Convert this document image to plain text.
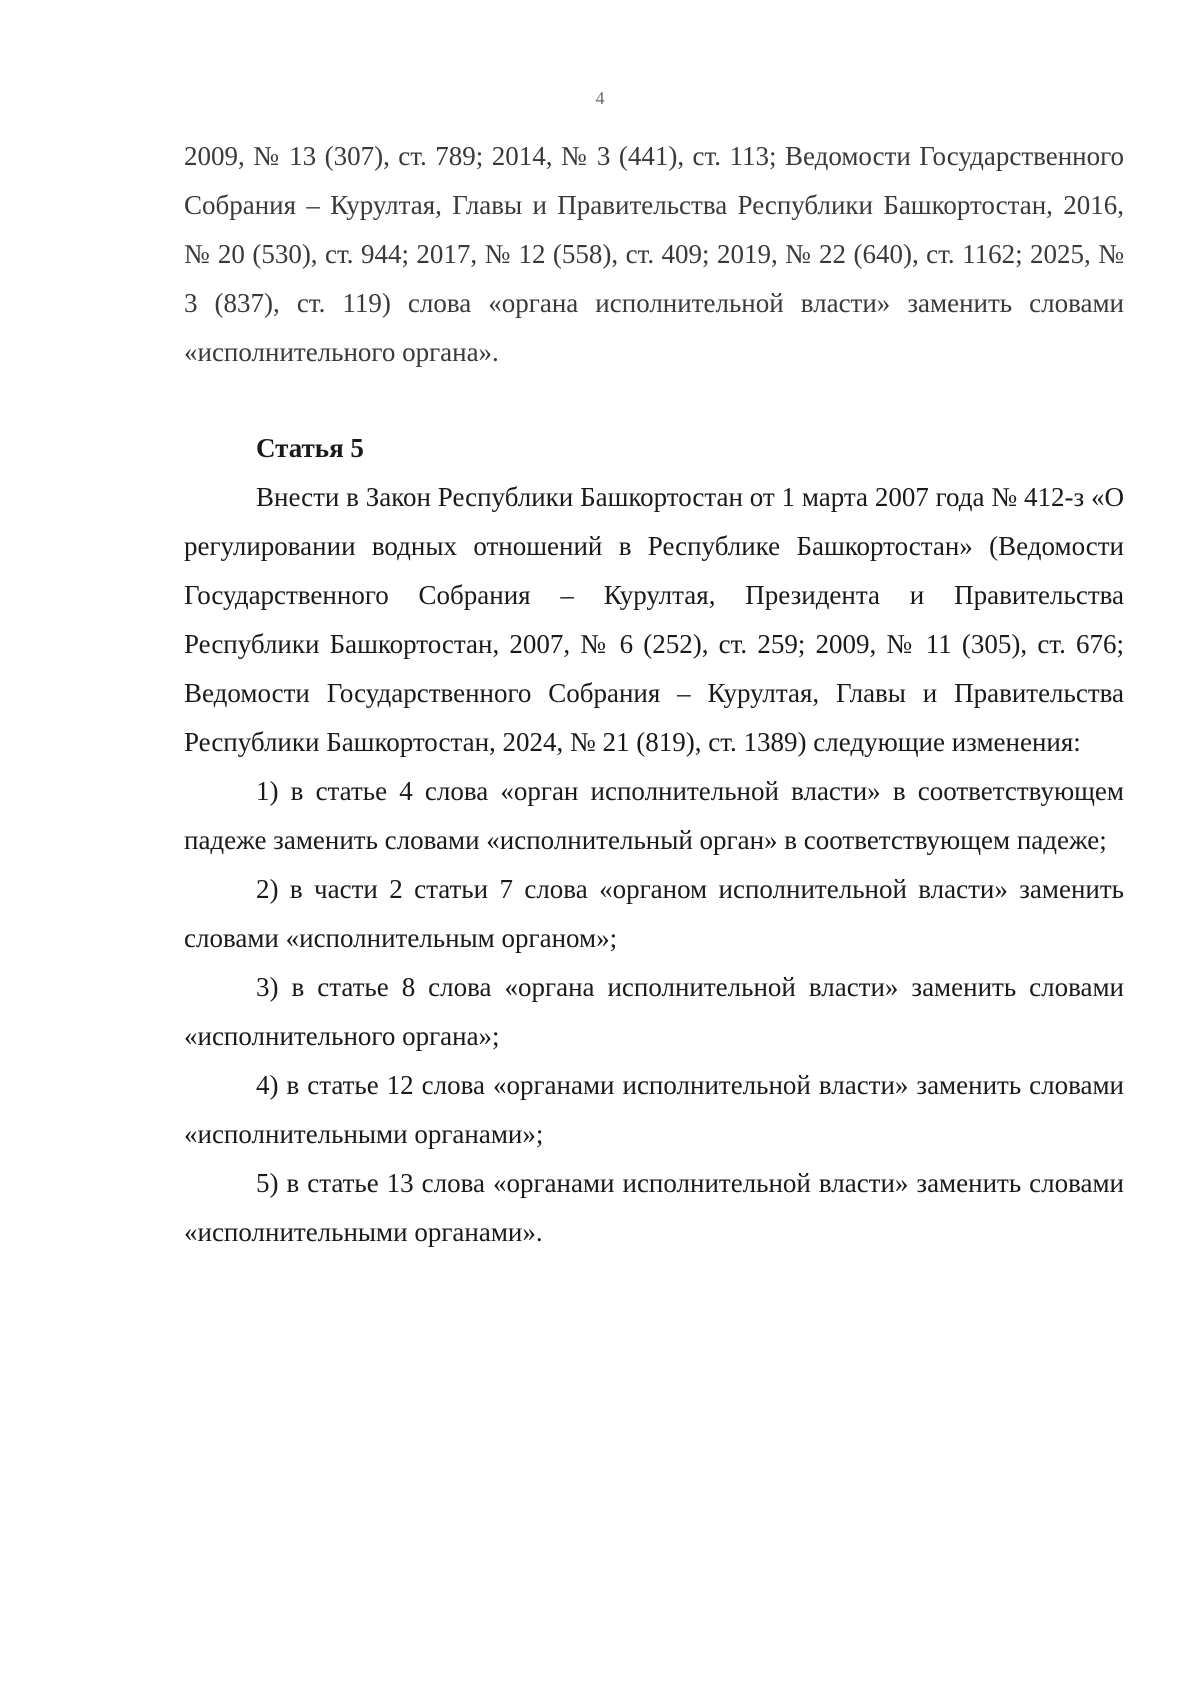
4

2009, № 13 (307), ст. 789; 2014, № 3 (441), ст. 113; Ведомости Государственного Собрания – Курултая, Главы и Правительства Республики Башкортостан, 2016, № 20 (530), ст. 944; 2017, № 12 (558), ст. 409; 2019, № 22 (640), ст. 1162; 2025, № 3 (837), ст. 119) слова «органа исполнительной власти» заменить словами «исполнительного органа».

Статья 5

Внести в Закон Республики Башкортостан от 1 марта 2007 года № 412-з «О регулировании водных отношений в Республике Башкортостан» (Ведомости Государственного Собрания – Курултая, Президента и Правительства Республики Башкортостан, 2007, № 6 (252), ст. 259; 2009, № 11 (305), ст. 676; Ведомости Государственного Собрания – Курултая, Главы и Правительства Республики Башкортостан, 2024, № 21 (819), ст. 1389) следующие изменения:

1) в статье 4 слова «орган исполнительной власти» в соответствующем падеже заменить словами «исполнительный орган» в соответствующем падеже;

2) в части 2 статьи 7 слова «органом исполнительной власти» заменить словами «исполнительным органом»;

3) в статье 8 слова «органа исполнительной власти» заменить словами «исполнительного органа»;

4) в статье 12 слова «органами исполнительной власти» заменить словами «исполнительными органами»;

5) в статье 13 слова «органами исполнительной власти» заменить словами «исполнительными органами».
